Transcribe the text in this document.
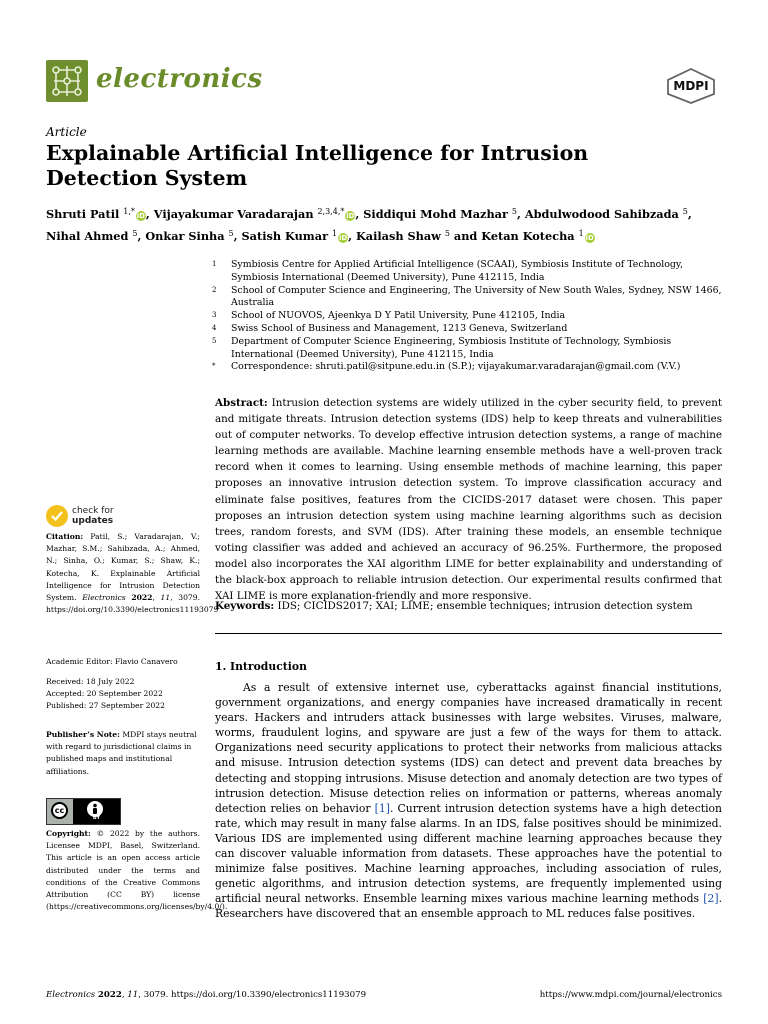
electronics	MDPI
Article
Explainable Artificial Intelligence for Intrusion Detection System
Shruti Patil $^{1,*}$ iD, Vijayakumar Varadarajan $^{2,3,4,*}$ iD, Siddiqui Mohd Mazhar $^5$, Abdulwodood Sahibzada $^5$,
Nihal Ahmed $^5$, Onkar Sinha $^5$, Satish Kumar $^1$ iD, Kailash Shaw $^5$ and Ketan Kotecha $^1$ iD
1	Symbiosis Centre for Applied Artificial Intelligence (SCAAI), Symbiosis Institute of Technology, Symbiosis International (Deemed University), Pune 412115, India
2	School of Computer Science and Engineering, The University of New South Wales, Sydney, NSW 1466, Australia
3	School of NUOVOS, Ajeenkya D Y Patil University, Pune 412105, India
4	Swiss School of Business and Management, 1213 Geneva, Switzerland
5	Department of Computer Science Engineering, Symbiosis Institute of Technology, Symbiosis International (Deemed University), Pune 412115, India
*	Correspondence: shruti.patil@sitpune.edu.in (S.P.); vijayakumar.varadarajan@gmail.com (V.V.)
Abstract: Intrusion detection systems are widely utilized in the cyber security field, to prevent and mitigate threats. Intrusion detection systems (IDS) help to keep threats and vulnerabilities out of computer networks. To develop effective intrusion detection systems, a range of machine learning methods are available. Machine learning ensemble methods have a well-proven track record when it comes to learning. Using ensemble methods of machine learning, this paper proposes an innovative intrusion detection system. To improve classification accuracy and eliminate false positives, features from the CICIDS-2017 dataset were chosen. This paper proposes an intrusion detection system using machine learning algorithms such as decision trees, random forests, and SVM (IDS). After training these models, an ensemble technique voting classifier was added and achieved an accuracy of 96.25%. Furthermore, the proposed model also incorporates the XAI algorithm LIME for better explainability and understanding of the black-box approach to reliable intrusion detection. Our experimental results confirmed that XAI LIME is more explanation-friendly and more responsive.
Keywords: IDS; CICIDS2017; XAI; LIME; ensemble techniques; intrusion detection system
check for
updates
Citation: Patil, S.; Varadarajan, V.; Mazhar, S.M.; Sahibzada, A.; Ahmed, N.; Sinha, O.; Kumar, S.; Shaw, K.; Kotecha, K. Explainable Artificial Intelligence for Intrusion Detection System. Electronics 2022, 11, 3079. https://doi.org/10.3390/electronics11193079
Academic Editor: Flavio Canavero
Received: 18 July 2022
Accepted: 20 September 2022
Published: 27 September 2022
Publisher’s Note: MDPI stays neutral with regard to jurisdictional claims in published maps and institutional affiliations.
cc
BY
Copyright: © 2022 by the authors. Licensee MDPI, Basel, Switzerland. This article is an open access article distributed under the terms and conditions of the Creative Commons Attribution (CC BY) license (https://creativecommons.org/licenses/by/4.0/).
1. Introduction
As a result of extensive internet use, cyberattacks against financial institutions, government organizations, and energy companies have increased dramatically in recent years. Hackers and intruders attack businesses with large websites. Viruses, malware, worms, fraudulent logins, and spyware are just a few of the ways for them to attack. Organizations need security applications to protect their networks from malicious attacks and misuse. Intrusion detection systems (IDS) can detect and prevent data breaches by detecting and stopping intrusions. Misuse detection and anomaly detection are two types of intrusion detection. Misuse detection relies on information or patterns, whereas anomaly detection relies on behavior [1]. Current intrusion detection systems have a high detection rate, which may result in many false alarms. In an IDS, false positives should be minimized. Various IDS are implemented using different machine learning approaches because they can discover valuable information from datasets. These approaches have the potential to minimize false positives. Machine learning approaches, including association of rules, genetic algorithms, and intrusion detection systems, are frequently implemented using artificial neural networks. Ensemble learning mixes various machine learning methods [2]. Researchers have discovered that an ensemble approach to ML reduces false positives.
Electronics 2022, 11, 3079. https://doi.org/10.3390/electronics11193079	https://www.mdpi.com/journal/electronics
